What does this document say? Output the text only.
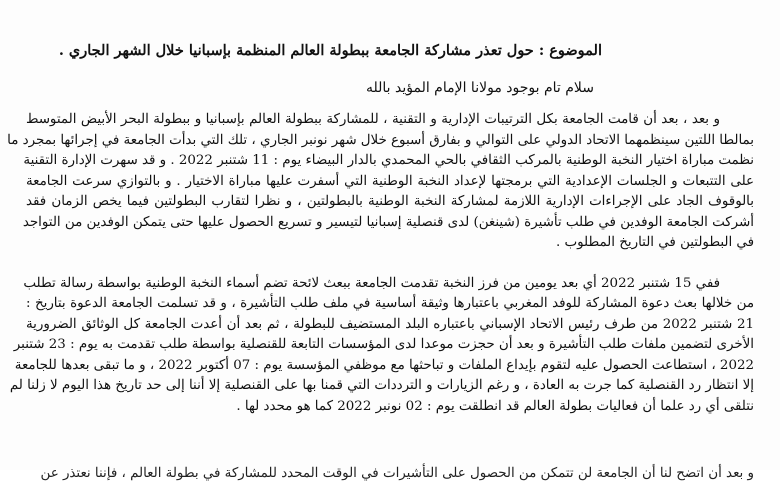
الموضوع : حول تعذر مشاركة الجامعة ببطولة العالم المنظمة بإسبانيا خلال الشهر الجاري .
سلام تام بوجود مولانا الإمام المؤيد بالله
و بعد ، بعد أن قامت الجامعة بكل الترتيبات الإدارية و التقنية ، للمشاركة ببطولة العالم بإسبانيا و ببطولة البحر الأبيض المتوسط
بمالطا اللتين سينظمهما الاتحاد الدولي على التوالي و بفارق أسبوع خلال شهر نونبر الجاري ، تلك التي بدأت الجامعة في إجرائها بمجرد ما
نظمت مباراة اختيار النخبة الوطنية بالمركب الثقافي بالحي المحمدي بالدار البيضاء يوم : 11 شتنبر 2022 . و قد سهرت الإدارة التقنية
على التتبعات و الجلسات الإعدادية التي برمجتها لإعداد النخبة الوطنية التي أسفرت عليها مباراة الاختيار . و بالتوازي سرعت الجامعة
بالوقوف الجاد على الإجراءات الإدارية اللازمة لمشاركة النخبة الوطنية بالبطولتين ، و نظرا لتقارب البطولتين فيما يخص الزمان فقد
أشركت الجامعة الوفدين في طلب تأشيرة (شينغن) لدى قنصلية إسبانيا لتيسير و تسريع الحصول عليها حتى يتمكن الوفدين من التواجد
في البطولتين في التاريخ المطلوب .
ففي 15 شتنبر 2022 أي بعد يومين من فرز النخبة تقدمت الجامعة ببعث لائحة تضم أسماء النخبة الوطنية بواسطة رسالة تطلب
من خلالها بعث دعوة المشاركة للوفد المغربي باعتبارها وثيقة أساسية في ملف طلب التأشيرة ، و قد تسلمت الجامعة الدعوة بتاريخ :
21 شتنبر 2022 من طرف رئيس الاتحاد الإسباني باعتباره البلد المستضيف للبطولة ، ثم بعد أن أعدت الجامعة كل الوثائق الضرورية
الأخرى لتضمين ملفات طلب التأشيرة و بعد أن حجزت موعدا لدى المؤسسات التابعة للقنصلية بواسطة طلب تقدمت به يوم : 23 شتنبر
2022 ، استطاعت الحصول عليه لتقوم بإيداع الملفات و تباحثها مع موظفي المؤسسة يوم : 07 أكتوبر 2022 ، و ما تبقى بعدها للجامعة
إلا انتظار رد القنصلية كما جرت به العادة ، و رغم الزيارات و الترددات التي قمنا بها على القنصلية إلا أننا إلى حد تاريخ هذا اليوم لا زلنا لم
نتلقى أي رد علما أن فعاليات بطولة العالم قد انطلقت يوم : 02 نونبر 2022 كما هو محدد لها .
و بعد أن اتضح لنا أن الجامعة لن تتمكن من الحصول على التأشيرات في الوقت المحدد للمشاركة في بطولة العالم ، فإننا نعتذر عن
